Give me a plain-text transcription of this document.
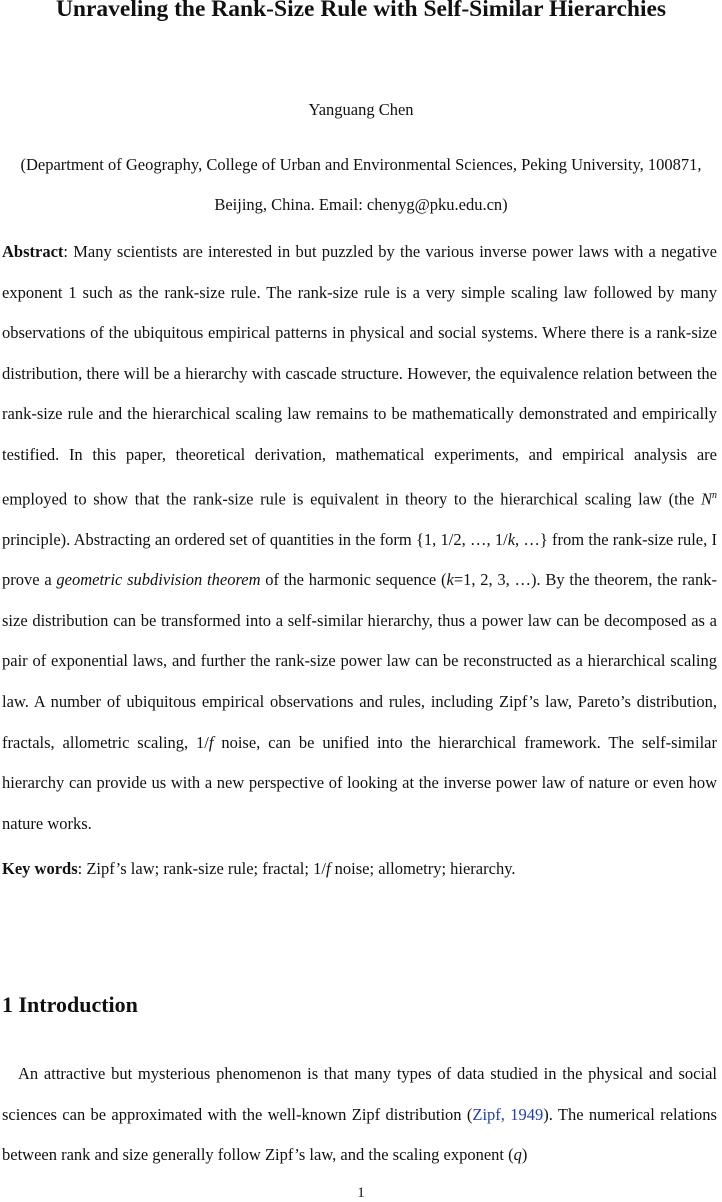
Unraveling the Rank-Size Rule with Self-Similar Hierarchies
Yanguang Chen
(Department of Geography, College of Urban and Environmental Sciences, Peking University, 100871, Beijing, China. Email: chenyg@pku.edu.cn)

Abstract: Many scientists are interested in but puzzled by the various inverse power laws with a negative exponent 1 such as the rank-size rule. The rank-size rule is a very simple scaling law followed by many observations of the ubiquitous empirical patterns in physical and social systems. Where there is a rank-size distribution, there will be a hierarchy with cascade structure. However, the equivalence relation between the rank-size rule and the hierarchical scaling law remains to be mathematically demonstrated and empirically testified. In this paper, theoretical derivation, mathematical experiments, and empirical analysis are employed to show that the rank-size rule is equivalent in theory to the hierarchical scaling law (the $N^n$ principle). Abstracting an ordered set of quantities in the form {1, 1/2, …, 1/k, …} from the rank-size rule, I prove a geometric subdivision theorem of the harmonic sequence (k=1, 2, 3, …). By the theorem, the rank-size distribution can be transformed into a self-similar hierarchy, thus a power law can be decomposed as a pair of exponential laws, and further the rank-size power law can be reconstructed as a hierarchical scaling law. A number of ubiquitous empirical observations and rules, including Zipf’s law, Pareto’s distribution, fractals, allometric scaling, 1/f noise, can be unified into the hierarchical framework. The self-similar hierarchy can provide us with a new perspective of looking at the inverse power law of nature or even how nature works.

Key words: Zipf’s law; rank-size rule; fractal; 1/f noise; allometry; hierarchy.

1 Introduction

An attractive but mysterious phenomenon is that many types of data studied in the physical and social sciences can be approximated with the well-known Zipf distribution (Zipf, 1949). The numerical relations between rank and size generally follow Zipf’s law, and the scaling exponent (q)

1
